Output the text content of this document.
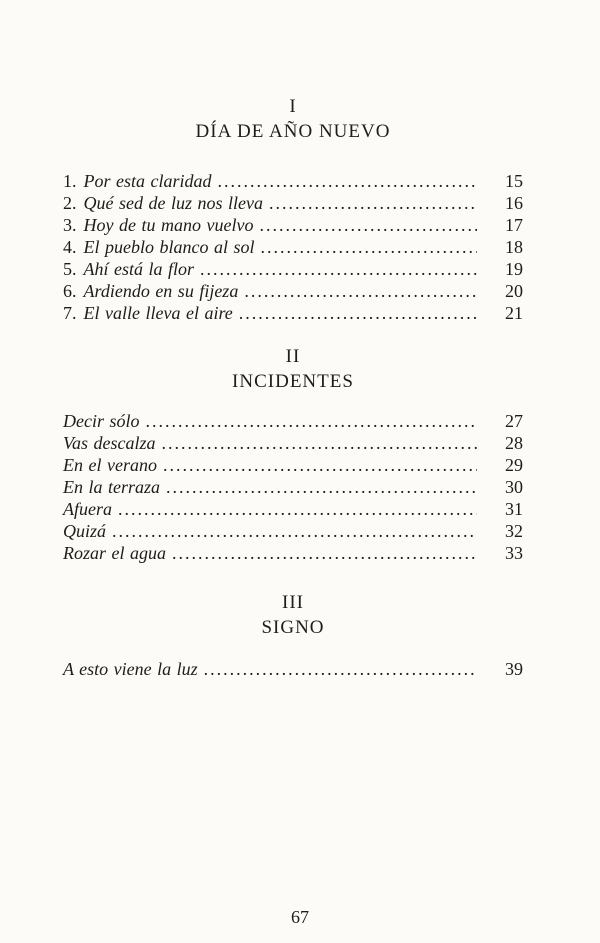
I
DÍA DE AÑO NUEVO
1. Por esta claridad .....	15
2. Qué sed de luz nos lleva .....	16
3. Hoy de tu mano vuelvo .....	17
4. El pueblo blanco al sol .....	18
5. Ahí está la flor .....	19
6. Ardiendo en su fijeza .....	20
7. El valle lleva el aire .....	21
II
INCIDENTES
Decir sólo .....	27
Vas descalza .....	28
En el verano .....	29
En la terraza .....	30
Afuera .....	31
Quizá .....	32
Rozar el agua .....	33
III
SIGNO
A esto viene la luz .....	39
67
